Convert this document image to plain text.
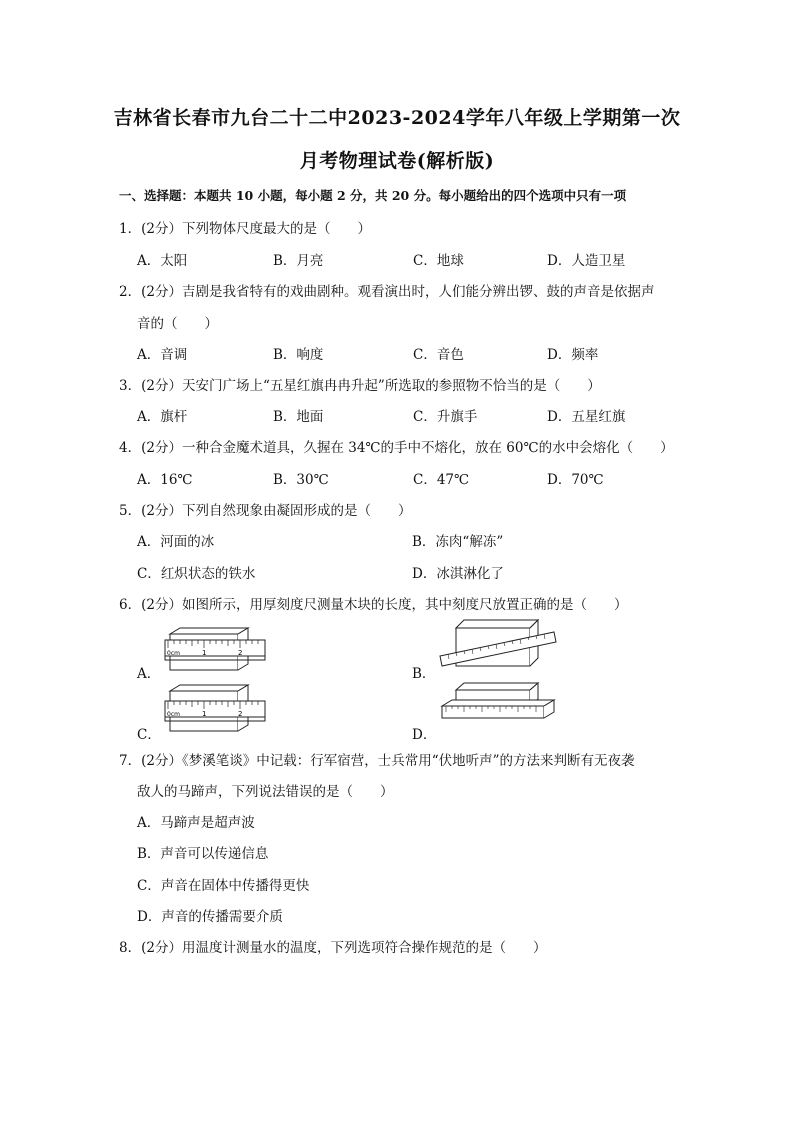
吉林省长春市九台二十二中2023-2024学年八年级上学期第一次
月考物理试卷(解析版)
一、选择题：本题共 10 小题，每小题 2 分，共 20 分。每小题给出的四个选项中只有一项
1．(2分）下列物体尺度最大的是（　　）
A．太阳	B．月亮	C．地球	D．人造卫星
2．(2分）吉剧是我省特有的戏曲剧种。观看演出时，人们能分辨出锣、鼓的声音是依据声
音的（　　）
A．音调	B．响度	C．音色	D．频率
3．(2分）天安门广场上“五星红旗冉冉升起”所选取的参照物不恰当的是（　　）
A．旗杆	B．地面	C．升旗手	D．五星红旗
4．(2分）一种合金魔术道具，久握在 34℃的手中不熔化，放在 60℃的水中会熔化（　　）
A．16℃	B．30℃	C．47℃	D．70℃
5．(2分）下列自然现象由凝固形成的是（　　）
A．河面的冰	B．冻肉“解冻”
C．红炽状态的铁水	D．冰淇淋化了
6．(2分）如图所示，用厚刻度尺测量木块的长度，其中刻度尺放置正确的是（　　）
A．
0cm	1	2
B．
C．
0cm	1	2
D．
7．(2分）《梦溪笔谈》中记载：行军宿营，士兵常用“伏地听声”的方法来判断有无夜袭
敌人的马蹄声，下列说法错误的是（　　）
A．马蹄声是超声波
B．声音可以传递信息
C．声音在固体中传播得更快
D．声音的传播需要介质
8．(2分）用温度计测量水的温度，下列选项符合操作规范的是（　　）
